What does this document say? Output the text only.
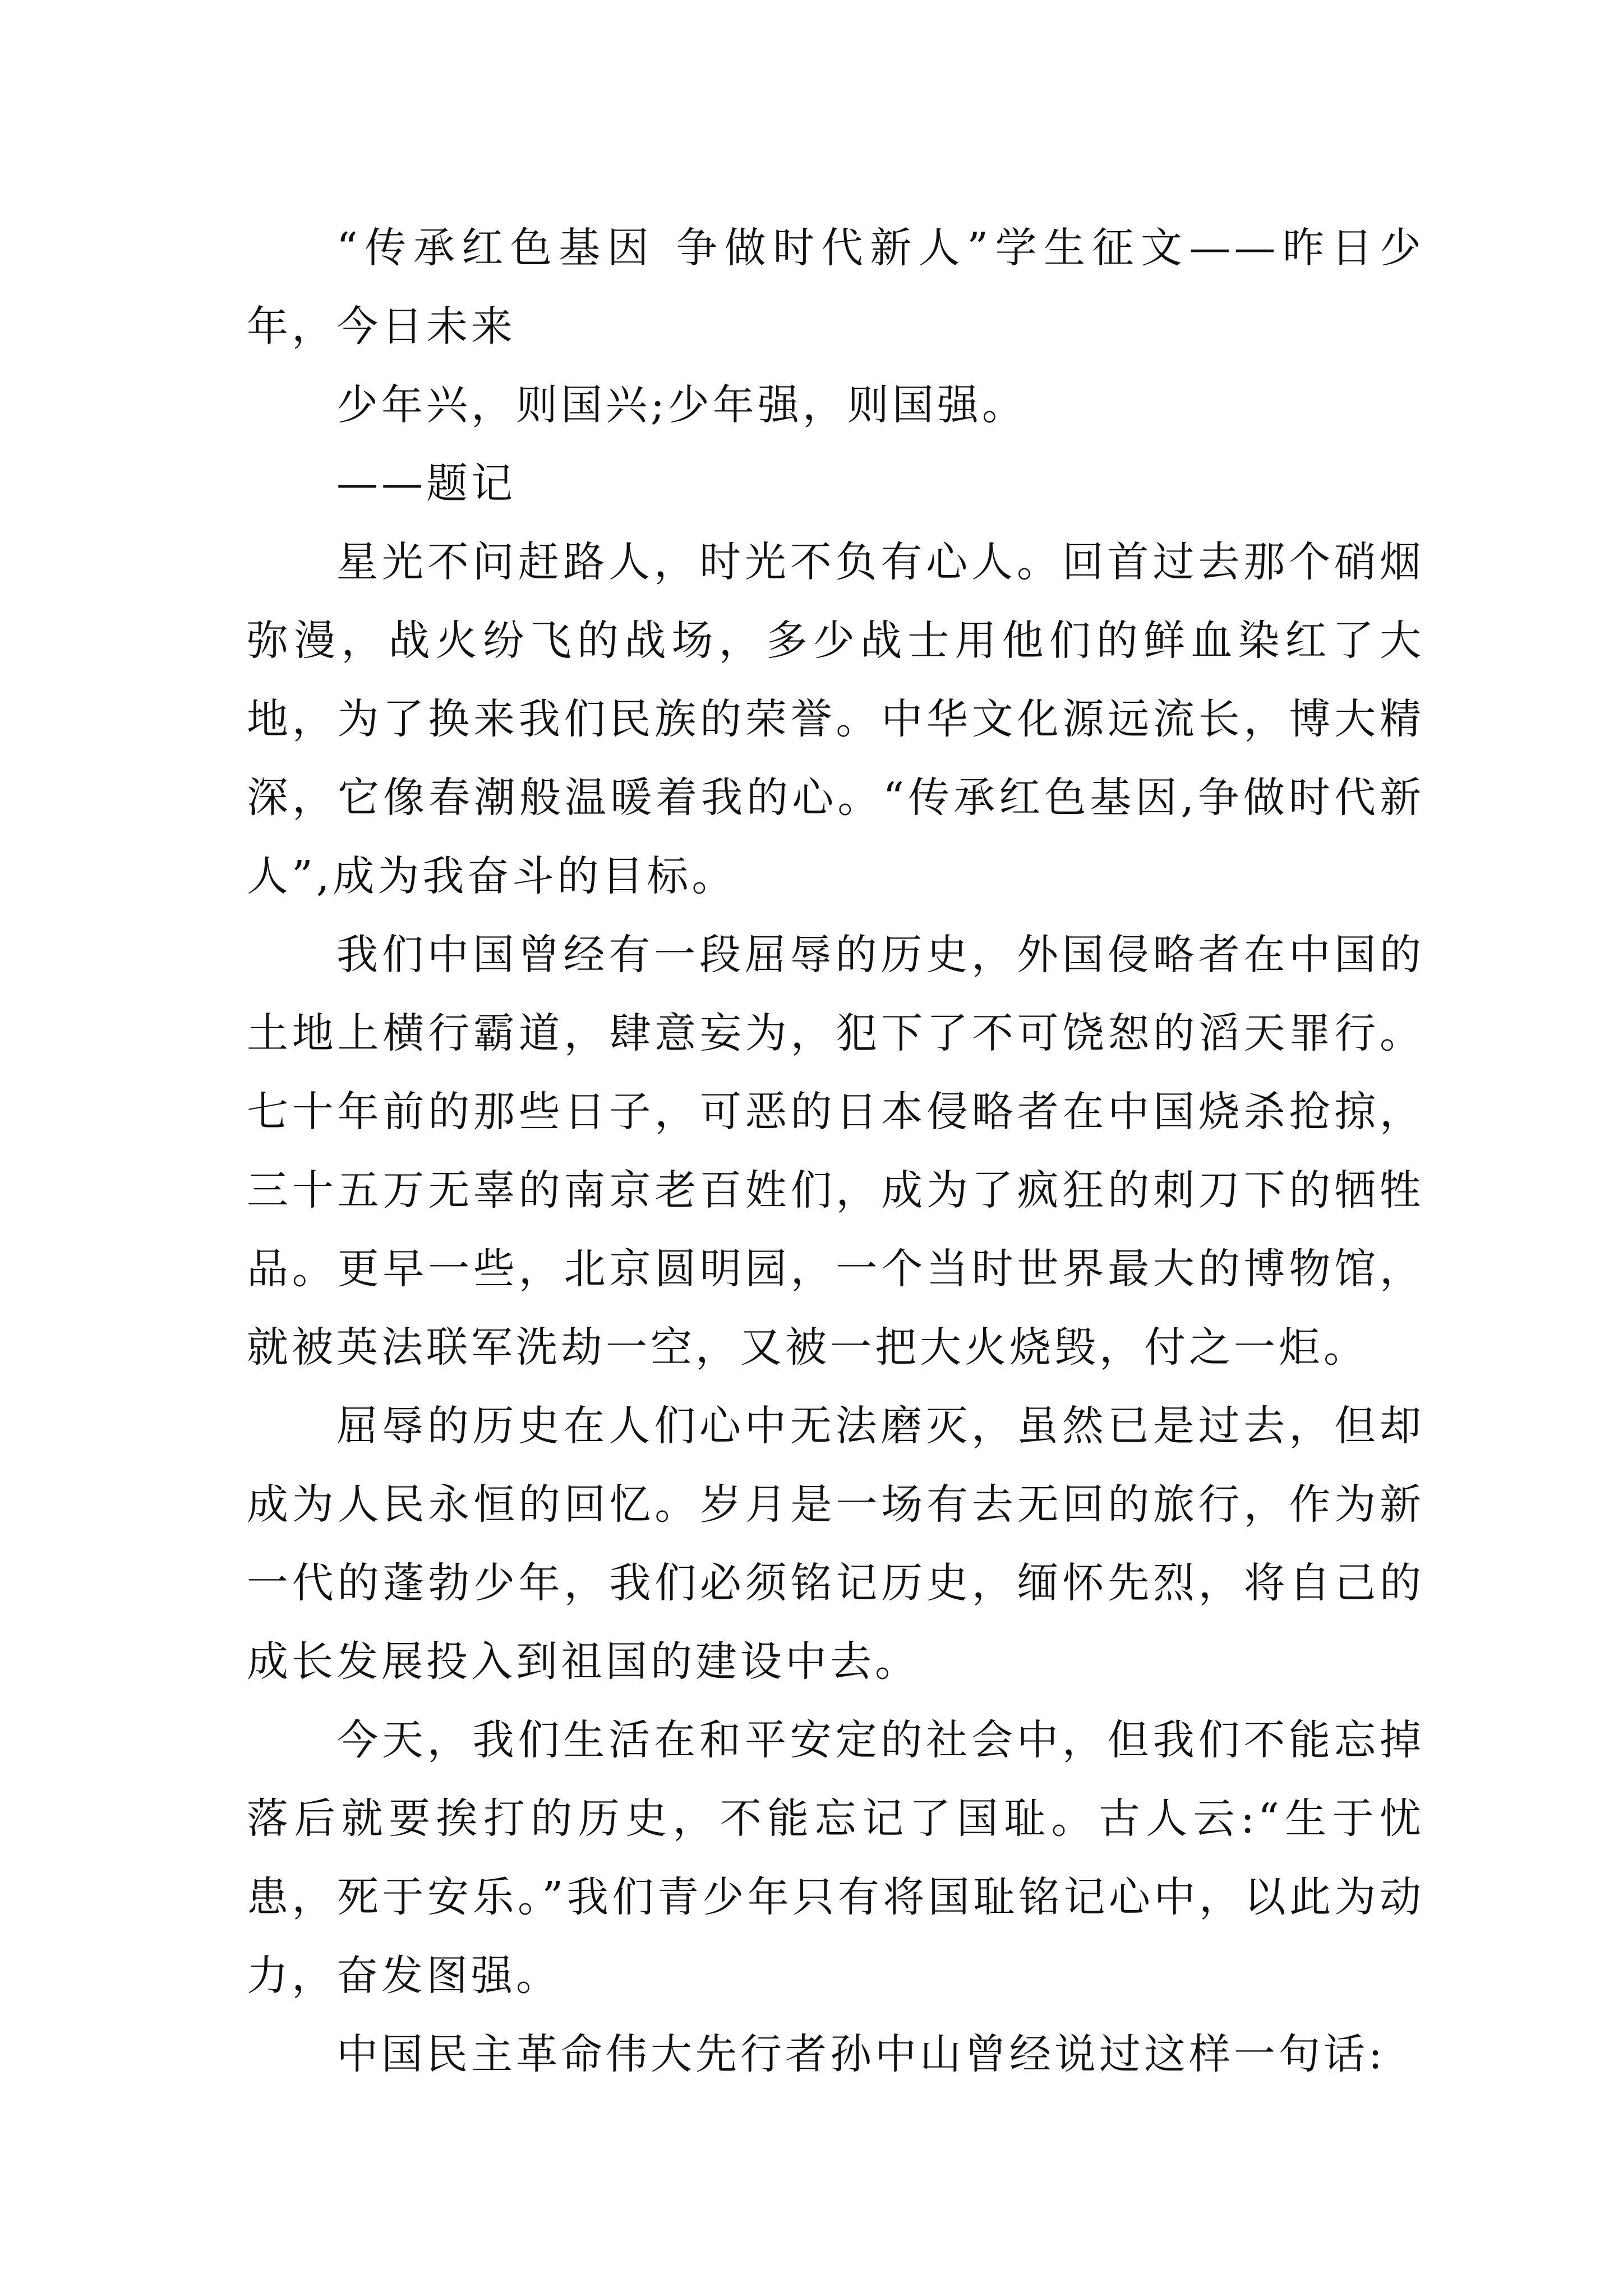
“传承红色基因 争做时代新人”学生征文——昨日少年，今日未来

少年兴，则国兴;少年强，则国强。

——题记

星光不问赶路人，时光不负有心人。回首过去那个硝烟弥漫，战火纷飞的战场，多少战士用他们的鲜血染红了大地，为了换来我们民族的荣誉。中华文化源远流长，博大精深，它像春潮般温暖着我的心。“传承红色基因,争做时代新人”,成为我奋斗的目标。

我们中国曾经有一段屈辱的历史，外国侵略者在中国的土地上横行霸道，肆意妄为，犯下了不可饶恕的滔天罪行。七十年前的那些日子，可恶的日本侵略者在中国烧杀抢掠，三十五万无辜的南京老百姓们，成为了疯狂的刺刀下的牺牲品。更早一些，北京圆明园，一个当时世界最大的博物馆，就被英法联军洗劫一空，又被一把大火烧毁，付之一炬。

屈辱的历史在人们心中无法磨灭，虽然已是过去，但却成为人民永恒的回忆。岁月是一场有去无回的旅行，作为新一代的蓬勃少年，我们必须铭记历史，缅怀先烈，将自己的成长发展投入到祖国的建设中去。

今天，我们生活在和平安定的社会中，但我们不能忘掉落后就要挨打的历史，不能忘记了国耻。古人云:“生于忧患，死于安乐。”我们青少年只有将国耻铭记心中，以此为动力，奋发图强。

中国民主革命伟大先行者孙中山曾经说过这样一句话:
